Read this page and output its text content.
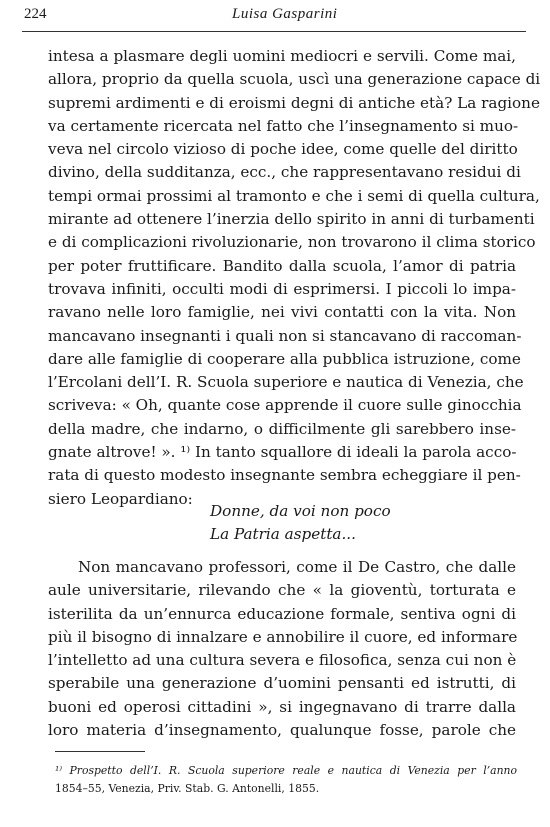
224	Luisa Gasparini
intesa a plasmare degli uomini mediocri e servili. Come mai,
allora, proprio da quella scuola, uscì una generazione capace di
supremi ardimenti e di eroismi degni di antiche età? La ragione
va certamente ricercata nel fatto che l’insegnamento si muo-
veva nel circolo vizioso di poche idee, come quelle del diritto
divino, della sudditanza, ecc., che rappresentavano residui di
tempi ormai prossimi al tramonto e che i semi di quella cultura,
mirante ad ottenere l’inerzia dello spirito in anni di turbamenti
e di complicazioni rivoluzionarie, non trovarono il clima storico
per poter fruttificare. Bandito dalla scuola, l’amor di patria
trovava infiniti, occulti modi di esprimersi. I piccoli lo impa-
ravano nelle loro famiglie, nei vivi contatti con la vita. Non
mancavano insegnanti i quali non si stancavano di raccoman-
dare alle famiglie di cooperare alla pubblica istruzione, come
l’Ercolani dell’I. R. Scuola superiore e nautica di Venezia, che
scriveva: « Oh, quante cose apprende il cuore sulle ginocchia
della madre, che indarno, o difficilmente gli sarebbero inse-
gnate altrove! ». ¹⁾ In tanto squallore di ideali la parola acco-
rata di questo modesto insegnante sembra echeggiare il pen-
siero Leopardiano:
Donne, da voi non poco
La Patria aspetta...
Non mancavano professori, come il De Castro, che dalle
aule universitarie, rilevando che « la gioventù, torturata e
isterilita da un’ennurca educazione formale, sentiva ogni di
più il bisogno di innalzare e annobilire il cuore, ed informare
l’intelletto ad una cultura severa e filosofica, senza cui non è
sperabile una generazione d’uomini pensanti ed istrutti, di
buoni ed operosi cittadini », si ingegnavano di trarre dalla
loro materia d’insegnamento, qualunque fosse, parole che
¹⁾ Prospetto dell’I. R. Scuola superiore reale e nautica di Venezia per l’anno
1854–55, Venezia, Priv. Stab. G. Antonelli, 1855.
